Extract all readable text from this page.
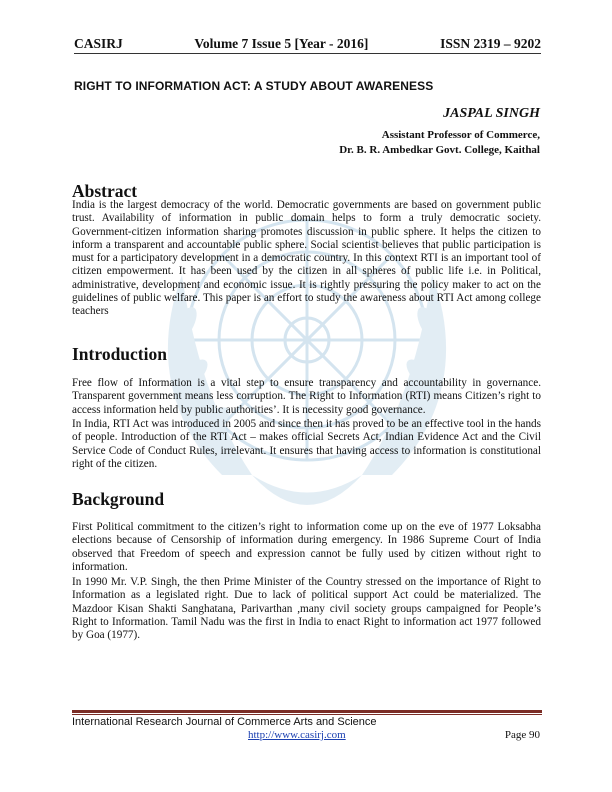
CASIRJ	Volume 7 Issue 5 [Year - 2016]	ISSN 2319 – 9202
RIGHT TO INFORMATION ACT: A STUDY ABOUT AWARENESS
JASPAL SINGH
Assistant Professor of Commerce,
Dr. B. R. Ambedkar Govt. College, Kaithal
Abstract

India is the largest democracy of the world. Democratic governments are based on government public trust. Availability of information in public domain helps to form a truly democratic society. Government-citizen information sharing promotes discussion in public sphere. It helps the citizen to inform a transparent and accountable public sphere. Social scientist believes that public participation is must for a participatory development in a democratic country. In this context RTI is an important tool of citizen empowerment. It has been used by the citizen in all spheres of public life i.e. in Political, administrative, development and economic issue. It is rightly pressuring the policy maker to act on the guidelines of public welfare. This paper is an effort to study the awareness about RTI Act among college teachers

Introduction

Free flow of Information is a vital step to ensure transparency and accountability in governance. Transparent government means less corruption. The Right to Information (RTI) means Citizen’s right to access information held by public authorities’. It is necessity good governance.

In India, RTI Act was introduced in 2005 and since then it has proved to be an effective tool in the hands of people. Introduction of the RTI Act – makes official Secrets Act, Indian Evidence Act and the Civil Service Code of Conduct Rules, irrelevant. It ensures that having access to information is constitutional right of the citizen.

Background

First Political commitment to the citizen’s right to information come up on the eve of 1977 Loksabha elections because of Censorship of information during emergency. In 1986 Supreme Court of India observed that Freedom of speech and expression cannot be fully used by citizen without right to information.

In 1990 Mr. V.P. Singh, the then Prime Minister of the Country stressed on the importance of Right to Information as a legislated right. Due to lack of political support Act could be materialized. The Mazdoor Kisan Shakti Sanghatana, Parivarthan ,many civil society groups campaigned for People’s Right to Information. Tamil Nadu was the first in India to enact Right to information act 1977 followed by Goa (1977).

International Research Journal of Commerce Arts and Science
http://www.casirj.com	Page 90
